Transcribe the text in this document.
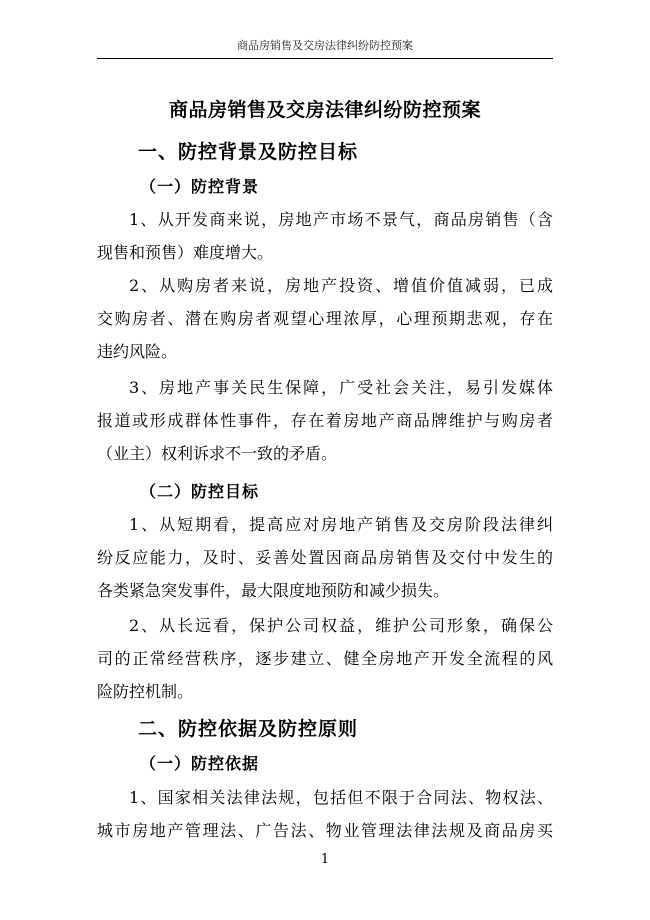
商品房销售及交房法律纠纷防控预案
商品房销售及交房法律纠纷防控预案
一、防控背景及防控目标
（一）防控背景
1、从开发商来说，房地产市场不景气，商品房销售（含
现售和预售）难度增大。
2、从购房者来说，房地产投资、增值价值减弱，已成
交购房者、潜在购房者观望心理浓厚，心理预期悲观，存在
违约风险。
3、房地产事关民生保障，广受社会关注，易引发媒体
报道或形成群体性事件，存在着房地产商品牌维护与购房者
（业主）权利诉求不一致的矛盾。
（二）防控目标
1、从短期看，提高应对房地产销售及交房阶段法律纠
纷反应能力，及时、妥善处置因商品房销售及交付中发生的
各类紧急突发事件，最大限度地预防和减少损失。
2、从长远看，保护公司权益，维护公司形象，确保公
司的正常经营秩序，逐步建立、健全房地产开发全流程的风
险防控机制。
二、防控依据及防控原则
（一）防控依据
1、国家相关法律法规，包括但不限于合同法、物权法、
城市房地产管理法、广告法、物业管理法律法规及商品房买
1
